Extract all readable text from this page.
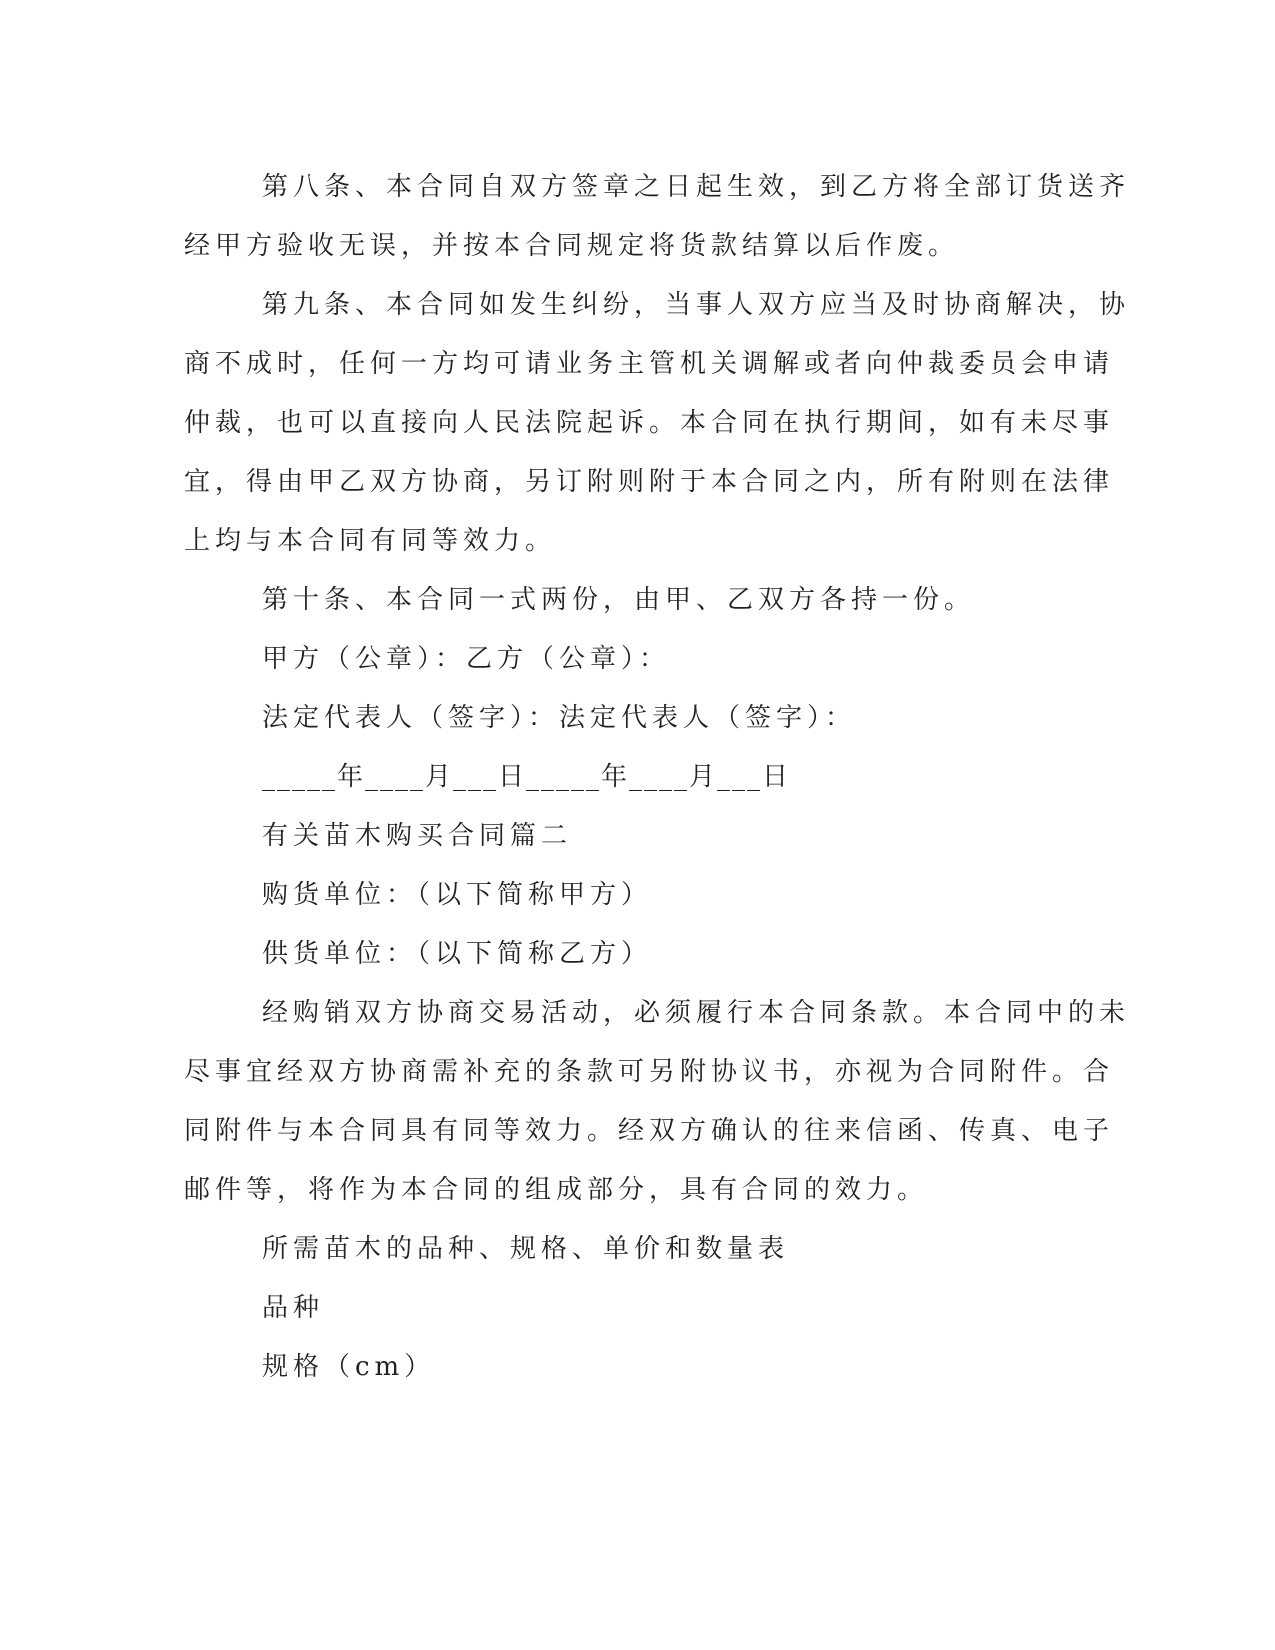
第八条、本合同自双方签章之日起生效，到乙方将全部订货送齐
经甲方验收无误，并按本合同规定将货款结算以后作废。
第九条、本合同如发生纠纷，当事人双方应当及时协商解决，协
商不成时，任何一方均可请业务主管机关调解或者向仲裁委员会申请
仲裁，也可以直接向人民法院起诉。本合同在执行期间，如有未尽事
宜，得由甲乙双方协商，另订附则附于本合同之内，所有附则在法律
上均与本合同有同等效力。
第十条、本合同一式两份，由甲、乙双方各持一份。
甲方（公章）：乙方（公章）：
法定代表人（签字）：法定代表人（签字）：
_____年____月___日_____年____月___日
有关苗木购买合同篇二
购货单位：（以下简称甲方）
供货单位：（以下简称乙方）
经购销双方协商交易活动，必须履行本合同条款。本合同中的未
尽事宜经双方协商需补充的条款可另附协议书，亦视为合同附件。合
同附件与本合同具有同等效力。经双方确认的往来信函、传真、电子
邮件等，将作为本合同的组成部分，具有合同的效力。
所需苗木的品种、规格、单价和数量表
品种
规格（cm）
